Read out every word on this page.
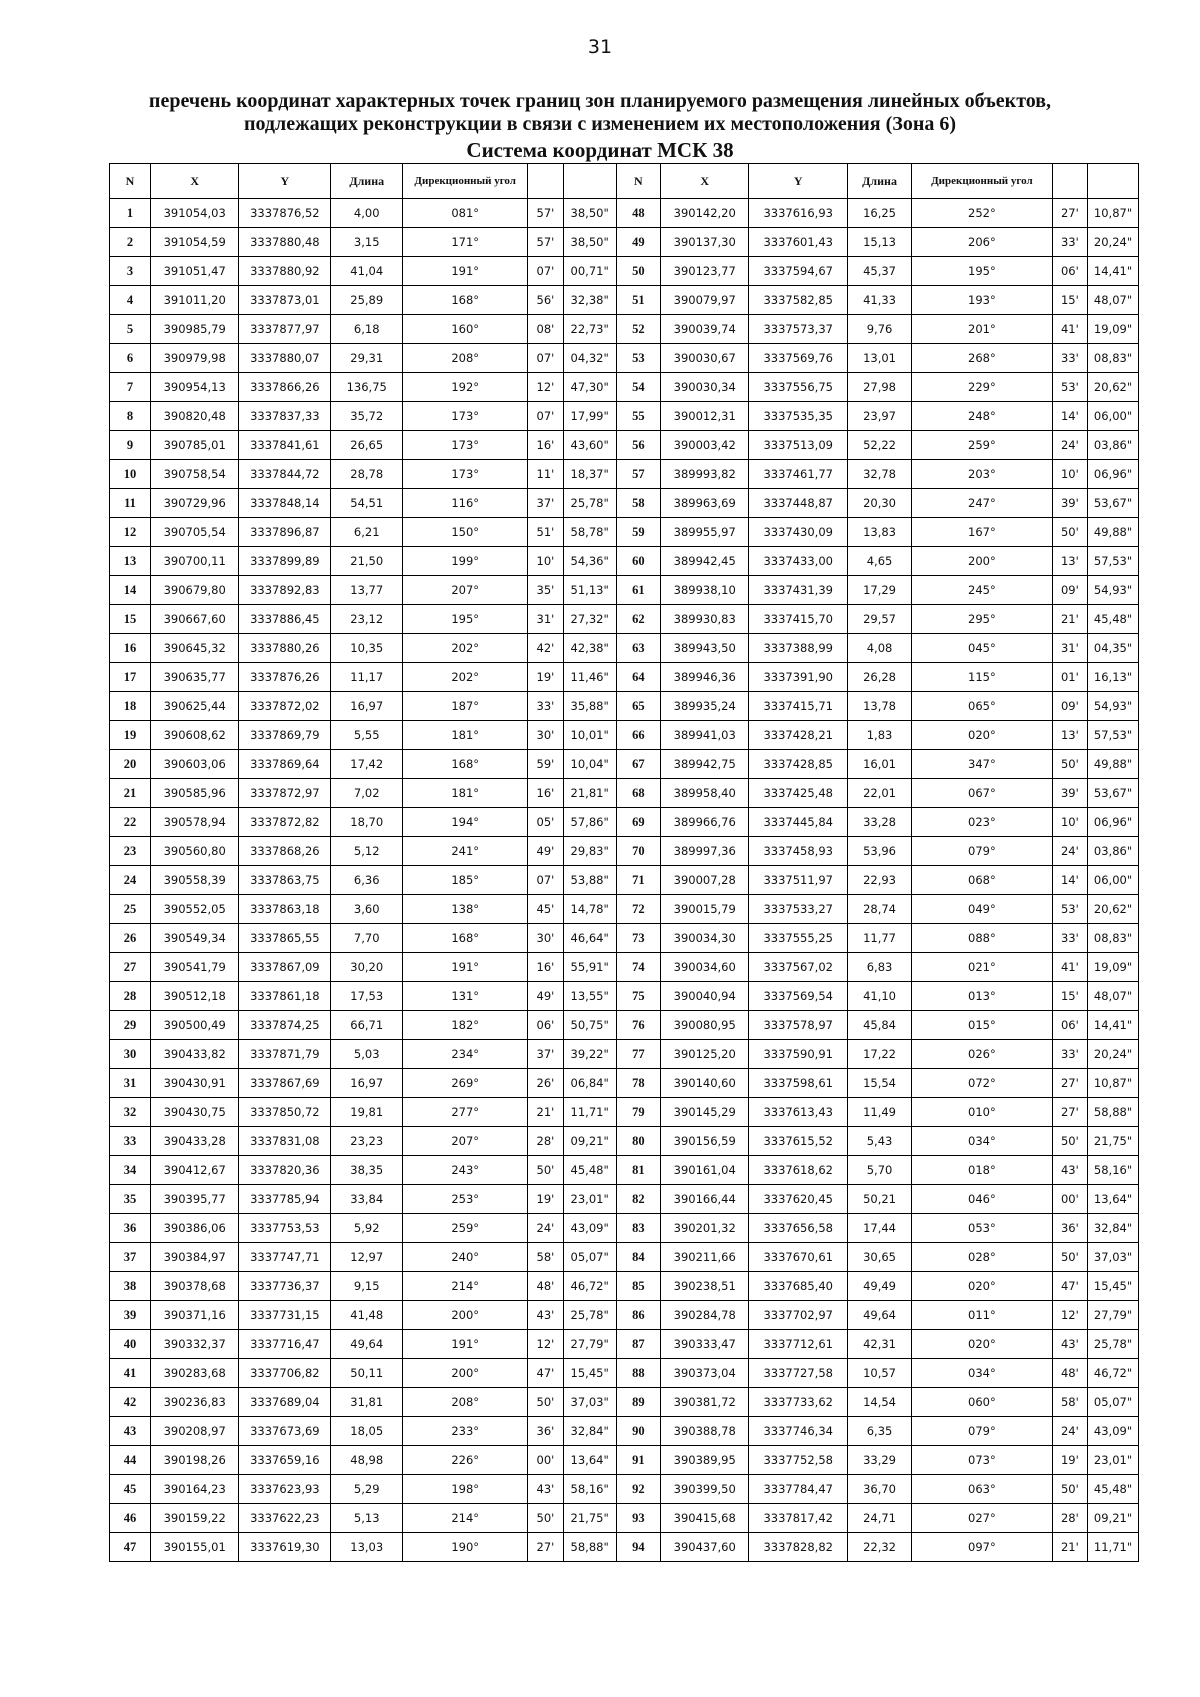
31
перечень координат характерных точек границ зон планируемого размещения линейных объектов,
подлежащих реконструкции в связи с изменением их местоположения (Зона 6)
Система координат МСК 38
N	X	Y	Длина	Дирекционный угол			N	X	Y	Длина	Дирекционный угол		
1	391054,03	3337876,52	4,00	081°	57'	38,50"	48	390142,20	3337616,93	16,25	252°	27'	10,87"
2	391054,59	3337880,48	3,15	171°	57'	38,50"	49	390137,30	3337601,43	15,13	206°	33'	20,24"
3	391051,47	3337880,92	41,04	191°	07'	00,71"	50	390123,77	3337594,67	45,37	195°	06'	14,41"
4	391011,20	3337873,01	25,89	168°	56'	32,38"	51	390079,97	3337582,85	41,33	193°	15'	48,07"
5	390985,79	3337877,97	6,18	160°	08'	22,73"	52	390039,74	3337573,37	9,76	201°	41'	19,09"
6	390979,98	3337880,07	29,31	208°	07'	04,32"	53	390030,67	3337569,76	13,01	268°	33'	08,83"
7	390954,13	3337866,26	136,75	192°	12'	47,30"	54	390030,34	3337556,75	27,98	229°	53'	20,62"
8	390820,48	3337837,33	35,72	173°	07'	17,99"	55	390012,31	3337535,35	23,97	248°	14'	06,00"
9	390785,01	3337841,61	26,65	173°	16'	43,60"	56	390003,42	3337513,09	52,22	259°	24'	03,86"
10	390758,54	3337844,72	28,78	173°	11'	18,37"	57	389993,82	3337461,77	32,78	203°	10'	06,96"
11	390729,96	3337848,14	54,51	116°	37'	25,78"	58	389963,69	3337448,87	20,30	247°	39'	53,67"
12	390705,54	3337896,87	6,21	150°	51'	58,78"	59	389955,97	3337430,09	13,83	167°	50'	49,88"
13	390700,11	3337899,89	21,50	199°	10'	54,36"	60	389942,45	3337433,00	4,65	200°	13'	57,53"
14	390679,80	3337892,83	13,77	207°	35'	51,13"	61	389938,10	3337431,39	17,29	245°	09'	54,93"
15	390667,60	3337886,45	23,12	195°	31'	27,32"	62	389930,83	3337415,70	29,57	295°	21'	45,48"
16	390645,32	3337880,26	10,35	202°	42'	42,38"	63	389943,50	3337388,99	4,08	045°	31'	04,35"
17	390635,77	3337876,26	11,17	202°	19'	11,46"	64	389946,36	3337391,90	26,28	115°	01'	16,13"
18	390625,44	3337872,02	16,97	187°	33'	35,88"	65	389935,24	3337415,71	13,78	065°	09'	54,93"
19	390608,62	3337869,79	5,55	181°	30'	10,01"	66	389941,03	3337428,21	1,83	020°	13'	57,53"
20	390603,06	3337869,64	17,42	168°	59'	10,04"	67	389942,75	3337428,85	16,01	347°	50'	49,88"
21	390585,96	3337872,97	7,02	181°	16'	21,81"	68	389958,40	3337425,48	22,01	067°	39'	53,67"
22	390578,94	3337872,82	18,70	194°	05'	57,86"	69	389966,76	3337445,84	33,28	023°	10'	06,96"
23	390560,80	3337868,26	5,12	241°	49'	29,83"	70	389997,36	3337458,93	53,96	079°	24'	03,86"
24	390558,39	3337863,75	6,36	185°	07'	53,88"	71	390007,28	3337511,97	22,93	068°	14'	06,00"
25	390552,05	3337863,18	3,60	138°	45'	14,78"	72	390015,79	3337533,27	28,74	049°	53'	20,62"
26	390549,34	3337865,55	7,70	168°	30'	46,64"	73	390034,30	3337555,25	11,77	088°	33'	08,83"
27	390541,79	3337867,09	30,20	191°	16'	55,91"	74	390034,60	3337567,02	6,83	021°	41'	19,09"
28	390512,18	3337861,18	17,53	131°	49'	13,55"	75	390040,94	3337569,54	41,10	013°	15'	48,07"
29	390500,49	3337874,25	66,71	182°	06'	50,75"	76	390080,95	3337578,97	45,84	015°	06'	14,41"
30	390433,82	3337871,79	5,03	234°	37'	39,22"	77	390125,20	3337590,91	17,22	026°	33'	20,24"
31	390430,91	3337867,69	16,97	269°	26'	06,84"	78	390140,60	3337598,61	15,54	072°	27'	10,87"
32	390430,75	3337850,72	19,81	277°	21'	11,71"	79	390145,29	3337613,43	11,49	010°	27'	58,88"
33	390433,28	3337831,08	23,23	207°	28'	09,21"	80	390156,59	3337615,52	5,43	034°	50'	21,75"
34	390412,67	3337820,36	38,35	243°	50'	45,48"	81	390161,04	3337618,62	5,70	018°	43'	58,16"
35	390395,77	3337785,94	33,84	253°	19'	23,01"	82	390166,44	3337620,45	50,21	046°	00'	13,64"
36	390386,06	3337753,53	5,92	259°	24'	43,09"	83	390201,32	3337656,58	17,44	053°	36'	32,84"
37	390384,97	3337747,71	12,97	240°	58'	05,07"	84	390211,66	3337670,61	30,65	028°	50'	37,03"
38	390378,68	3337736,37	9,15	214°	48'	46,72"	85	390238,51	3337685,40	49,49	020°	47'	15,45"
39	390371,16	3337731,15	41,48	200°	43'	25,78"	86	390284,78	3337702,97	49,64	011°	12'	27,79"
40	390332,37	3337716,47	49,64	191°	12'	27,79"	87	390333,47	3337712,61	42,31	020°	43'	25,78"
41	390283,68	3337706,82	50,11	200°	47'	15,45"	88	390373,04	3337727,58	10,57	034°	48'	46,72"
42	390236,83	3337689,04	31,81	208°	50'	37,03"	89	390381,72	3337733,62	14,54	060°	58'	05,07"
43	390208,97	3337673,69	18,05	233°	36'	32,84"	90	390388,78	3337746,34	6,35	079°	24'	43,09"
44	390198,26	3337659,16	48,98	226°	00'	13,64"	91	390389,95	3337752,58	33,29	073°	19'	23,01"
45	390164,23	3337623,93	5,29	198°	43'	58,16"	92	390399,50	3337784,47	36,70	063°	50'	45,48"
46	390159,22	3337622,23	5,13	214°	50'	21,75"	93	390415,68	3337817,42	24,71	027°	28'	09,21"
47	390155,01	3337619,30	13,03	190°	27'	58,88"	94	390437,60	3337828,82	22,32	097°	21'	11,71"
